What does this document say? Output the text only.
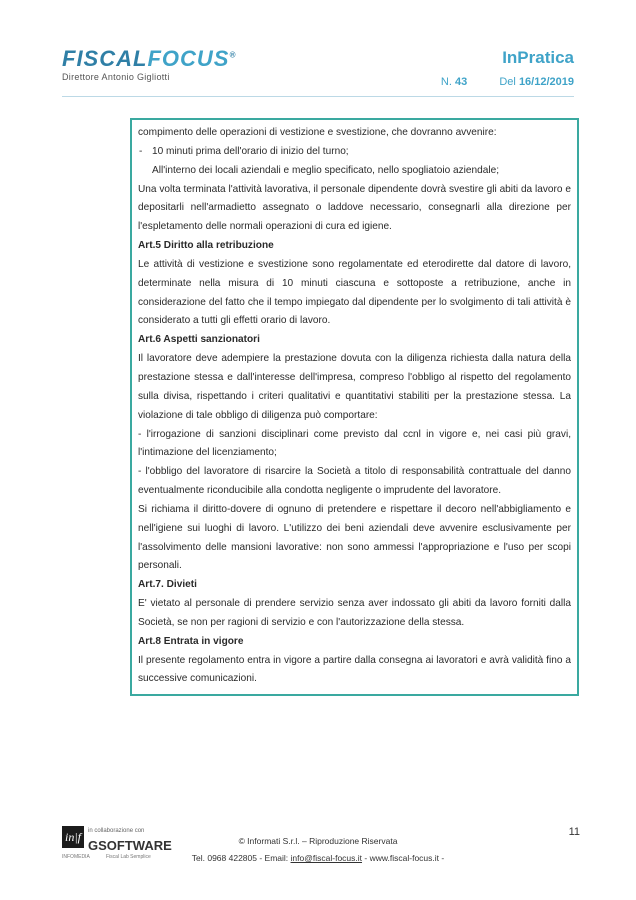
FISCALFOCUS®
Direttore Antonio Gigliotti
InPratica
N. 43	Del 16/12/2019

compimento delle operazioni di vestizione e svestizione, che dovranno avvenire:

- 10 minuti prima dell'orario di inizio del turno;

All'interno dei locali aziendali e meglio specificato, nello spogliatoio aziendale;

Una volta terminata l'attività lavorativa, il personale dipendente dovrà svestire gli abiti da lavoro e depositarli nell'armadietto assegnato o laddove necessario, consegnarli alla direzione per l'espletamento delle normali operazioni di cura ed igiene.

Art.5 Diritto alla retribuzione

Le attività di vestizione e svestizione sono regolamentate ed eterodirette dal datore di lavoro, determinate nella misura di 10 minuti ciascuna e sottoposte a retribuzione, anche in considerazione del fatto che il tempo impiegato dal dipendente per lo svolgimento di tali attività è considerato a tutti gli effetti orario di lavoro.

Art.6 Aspetti sanzionatori

Il lavoratore deve adempiere la prestazione dovuta con la diligenza richiesta dalla natura della prestazione stessa e dall'interesse dell'impresa, compreso l'obbligo al rispetto del regolamento sulla divisa, rispettando i criteri qualitativi e quantitativi stabiliti per la prestazione stessa. La violazione di tale obbligo di diligenza può comportare:

- l'irrogazione di sanzioni disciplinari come previsto dal ccnl in vigore e, nei casi più gravi, l'intimazione del licenziamento;

- l'obbligo del lavoratore di risarcire la Società a titolo di responsabilità contrattuale del danno eventualmente riconducibile alla condotta negligente o imprudente del lavoratore.

Si richiama il diritto-dovere di ognuno di pretendere e rispettare il decoro nell'abbigliamento e nell'igiene sui luoghi di lavoro. L'utilizzo dei beni aziendali deve avvenire esclusivamente per l'assolvimento delle mansioni lavorative: non sono ammessi l'appropriazione e l'uso per scopi personali.

Art.7. Divieti

E' vietato al personale di prendere servizio senza aver indossato gli abiti da lavoro forniti dalla Società, se non per ragioni di servizio e con l'autorizzazione della stessa.

Art.8 Entrata in vigore

Il presente regolamento entra in vigore a partire dalla consegna ai lavoratori e avrà validità fino a successive comunicazioni.

in|f
INFOMEDIA
in collaborazione con
GSOFTWARE
Fiscal Lab Semplice
© Informati S.r.l. – Riproduzione Riservata
Tel. 0968 422805 - Email: info@fiscal-focus.it - www.fiscal-focus.it -
11
